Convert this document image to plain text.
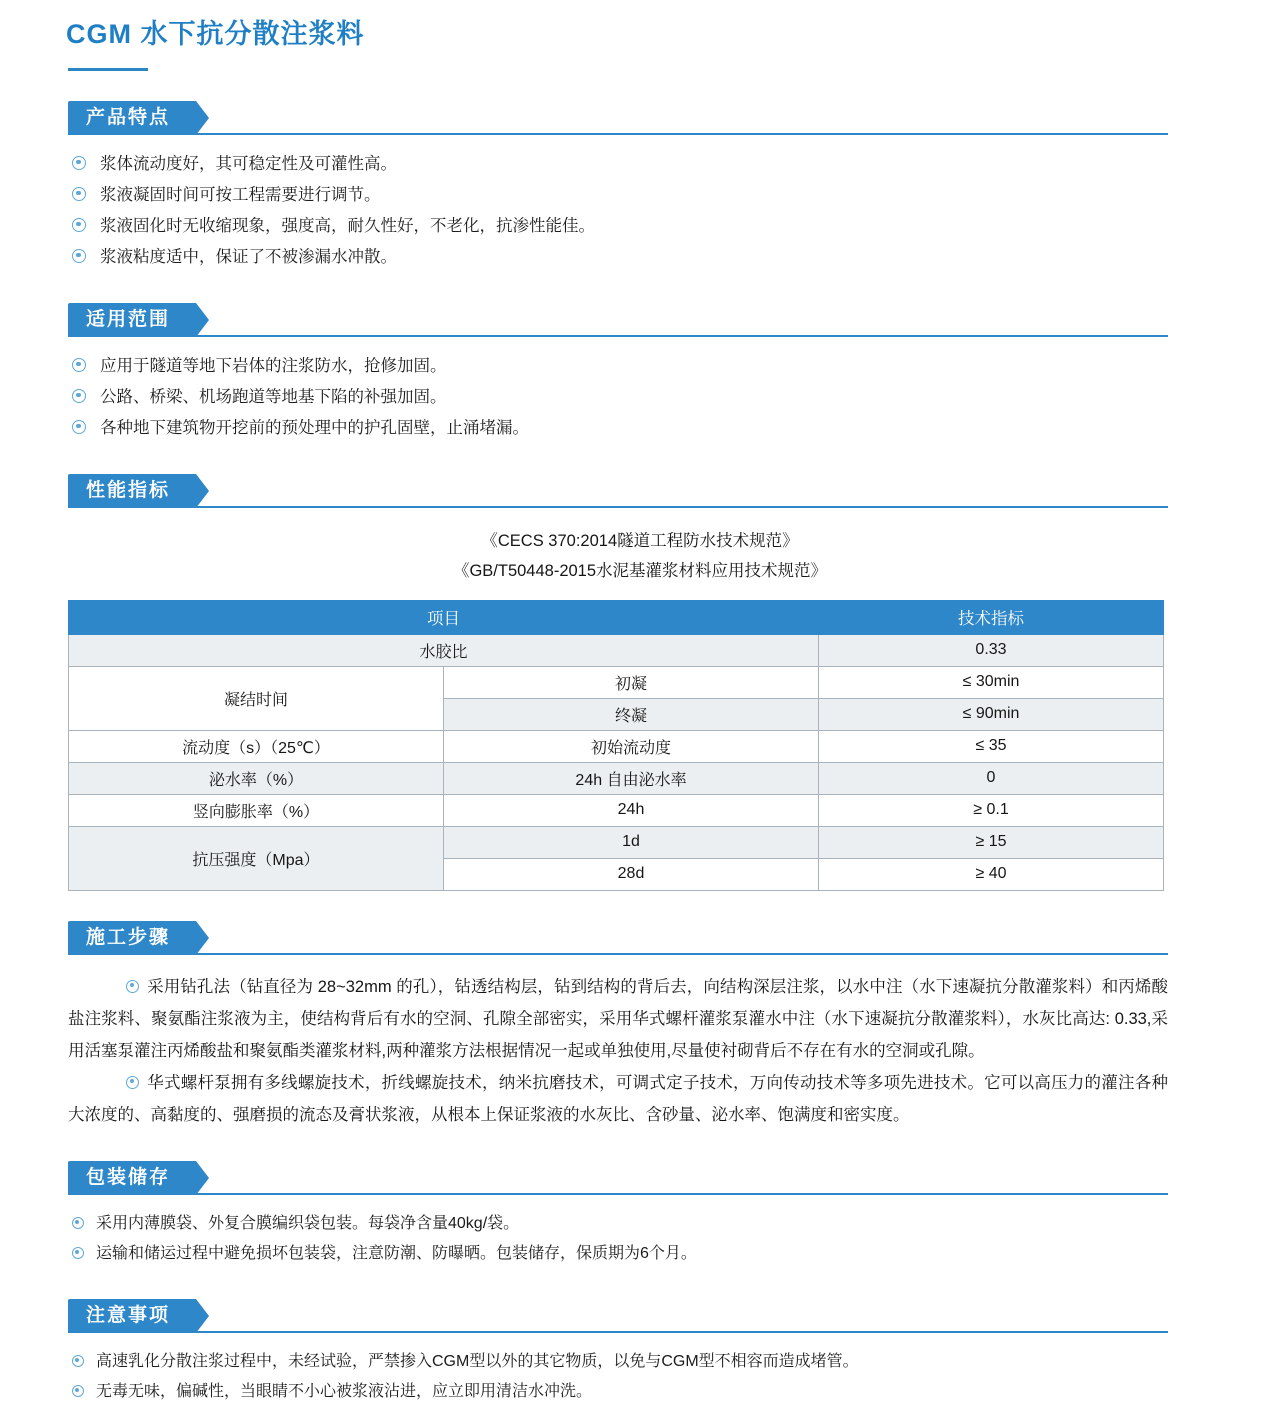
CGM 水下抗分散注浆料
产品特点
浆体流动度好，其可稳定性及可灌性高。
浆液凝固时间可按工程需要进行调节。
浆液固化时无收缩现象，强度高，耐久性好，不老化，抗渗性能佳。
浆液粘度适中，保证了不被渗漏水冲散。
适用范围
应用于隧道等地下岩体的注浆防水，抢修加固。
公路、桥梁、机场跑道等地基下陷的补强加固。
各种地下建筑物开挖前的预处理中的护孔固壁，止涌堵漏。
性能指标
《CECS 370:2014隧道工程防水技术规范》
《GB/T50448-2015水泥基灌浆材料应用技术规范》
项目		技术指标
水胶比		0.33
凝结时间	初凝	≤ 30min
	终凝	≤ 90min
流动度（s）（25℃）	初始流动度	≤ 35
泌水率（%）	24h 自由泌水率	0
竖向膨胀率（%）	24h	≥ 0.1
抗压强度（Mpa）	1d	≥ 15
	28d	≥ 40
施工步骤

采用钻孔法（钻直径为 28~32mm 的孔），钻透结构层，钻到结构的背后去，向结构深层注浆，以水中注（水下速凝抗分散灌浆料）和丙烯酸盐注浆料、聚氨酯注浆液为主，使结构背后有水的空洞、孔隙全部密实，采用华式螺杆灌浆泵灌水中注（水下速凝抗分散灌浆料），水灰比高达: 0.33,采用活塞泵灌注丙烯酸盐和聚氨酯类灌浆材料,两种灌浆方法根据情况一起或单独使用,尽量使衬砌背后不存在有水的空洞或孔隙。

华式螺杆泵拥有多线螺旋技术，折线螺旋技术，纳米抗磨技术，可调式定子技术，万向传动技术等多项先进技术。它可以高压力的灌注各种大浓度的、高黏度的、强磨损的流态及膏状浆液，从根本上保证浆液的水灰比、含砂量、泌水率、饱满度和密实度。

包装储存
采用内薄膜袋、外复合膜编织袋包装。每袋净含量40kg/袋。
运输和储运过程中避免损坏包装袋，注意防潮、防曝晒。包装储存，保质期为6个月。
注意事项
高速乳化分散注浆过程中，未经试验，严禁掺入CGM型以外的其它物质，以免与CGM型不相容而造成堵管。
无毒无味，偏碱性，当眼睛不小心被浆液沾进，应立即用清洁水冲洗。
